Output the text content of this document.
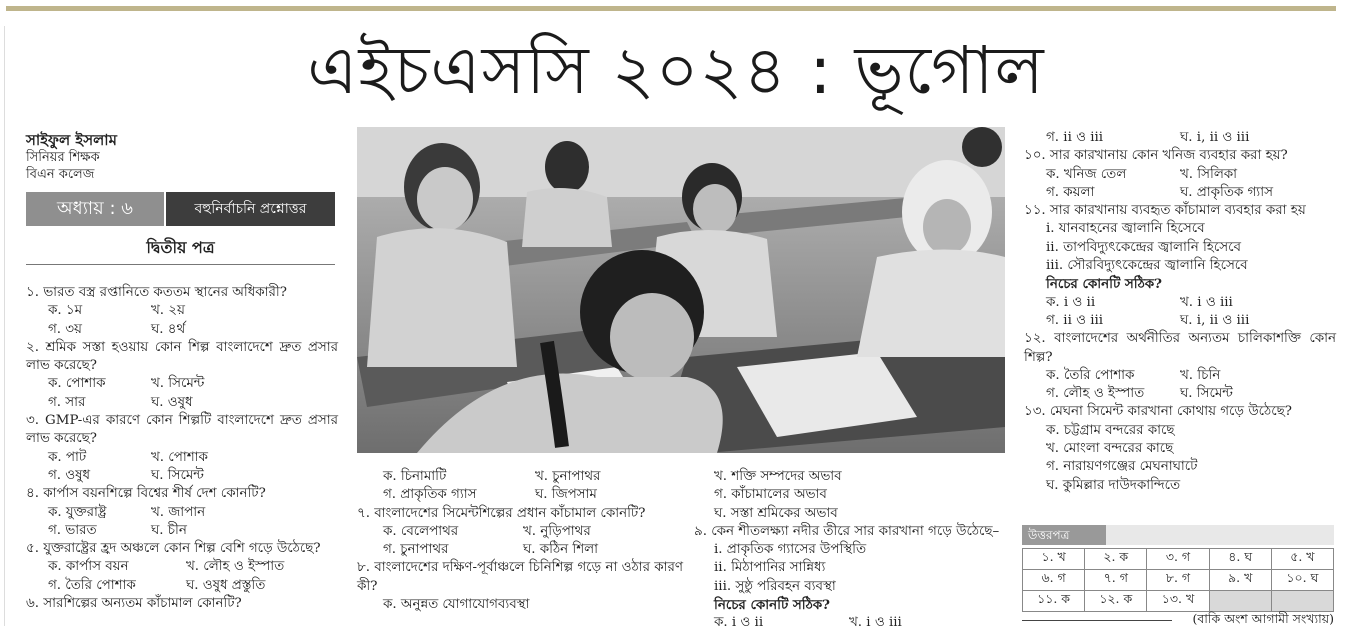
এইচএসসি ২০২৪ : ভূগোল
সাইফুল ইসলাম
সিনিয়র শিক্ষক
বিএন কলেজ
অধ্যায় : ৬	বহুনির্বাচনি প্রশ্নোত্তর
দ্বিতীয় পত্র
১. ভারত বস্ত্র রপ্তানিতে কততম স্থানের অধিকারী?
ক. ১ম	খ. ২য়
গ. ৩য়	ঘ. ৪র্থ
২. শ্রমিক সস্তা হওয়ায় কোন শিল্প বাংলাদেশে দ্রুত প্রসার লাভ করেছে?
ক. পোশাক	খ. সিমেন্ট
গ. সার	ঘ. ওষুধ
৩. GMP-এর কারণে কোন শিল্পটি বাংলাদেশে দ্রুত প্রসার লাভ করেছে?
ক. পাট	খ. পোশাক
গ. ওষুধ	ঘ. সিমেন্ট
৪. কার্পাস বয়নশিল্পে বিশ্বের শীর্ষ দেশ কোনটি?
ক. যুক্তরাষ্ট্র	খ. জাপান
গ. ভারত	ঘ. চীন
৫. যুক্তরাষ্ট্রের হ্রদ অঞ্চলে কোন শিল্প বেশি গড়ে উঠেছে?
ক. কার্পাস বয়ন	খ. লৌহ ও ইস্পাত
গ. তৈরি পোশাক	ঘ. ওষুধ প্রস্তুতি
৬. সারশিল্পের অন্যতম কাঁচামাল কোনটি?
ক. চিনামাটি	খ. চুনাপাথর
গ. প্রাকৃতিক গ্যাস	ঘ. জিপসাম
৭. বাংলাদেশের সিমেন্টশিল্পের প্রধান কাঁচামাল কোনটি?
ক. বেলেপাথর	খ. নুড়িপাথর
গ. চুনাপাথর	ঘ. কঠিন শিলা
৮. বাংলাদেশের দক্ষিণ-পূর্বাঞ্চলে চিনিশিল্প গড়ে না ওঠার কারণ কী?
ক. অনুন্নত যোগাযোগব্যবস্থা
খ. শক্তি সম্পদের অভাব
গ. কাঁচামালের অভাব
ঘ. সস্তা শ্রমিকের অভাব
৯. কেন শীতলক্ষ্যা নদীর তীরে সার কারখানা গড়ে উঠেছে–
i. প্রাকৃতিক গ্যাসের উপস্থিতি
ii. মিঠাপানির সান্নিধ্য
iii. সুষ্ঠু পরিবহন ব্যবস্থা
নিচের কোনটি সঠিক?
ক. i ও ii	খ. i ও iii
গ. ii ও iii	ঘ. i, ii ও iii
১০. সার কারখানায় কোন খনিজ ব্যবহার করা হয়?
ক. খনিজ তেল	খ. সিলিকা
গ. কয়লা	ঘ. প্রাকৃতিক গ্যাস
১১. সার কারখানায় ব্যবহৃত কাঁচামাল ব্যবহার করা হয়
i. যানবাহনের জ্বালানি হিসেবে
ii. তাপবিদ্যুৎকেন্দ্রের জ্বালানি হিসেবে
iii. সৌরবিদ্যুৎকেন্দ্রের জ্বালানি হিসেবে
নিচের কোনটি সঠিক?
ক. i ও ii	খ. i ও iii
গ. ii ও iii	ঘ. i, ii ও iii
১২. বাংলাদেশের অর্থনীতির অন্যতম চালিকাশক্তি কোন শিল্প?
ক. তৈরি পোশাক	খ. চিনি
গ. লৌহ ও ইস্পাত	ঘ. সিমেন্ট
১৩. মেঘনা সিমেন্ট কারখানা কোথায় গড়ে উঠেছে?
ক. চট্টগ্রাম বন্দরের কাছে
খ. মোংলা বন্দরের কাছে
গ. নারায়ণগঞ্জের মেঘনাঘাটে
ঘ. কুমিল্লার দাউদকান্দিতে
উত্তরপত্র
১. খ	২. ক	৩. গ	৪. ঘ	৫. খ
৬. গ	৭. গ	৮. গ	৯. খ	১০. ঘ
১১. ক	১২. ক	১৩. খ		
(বাকি অংশ আগামী সংখ্যায়)
